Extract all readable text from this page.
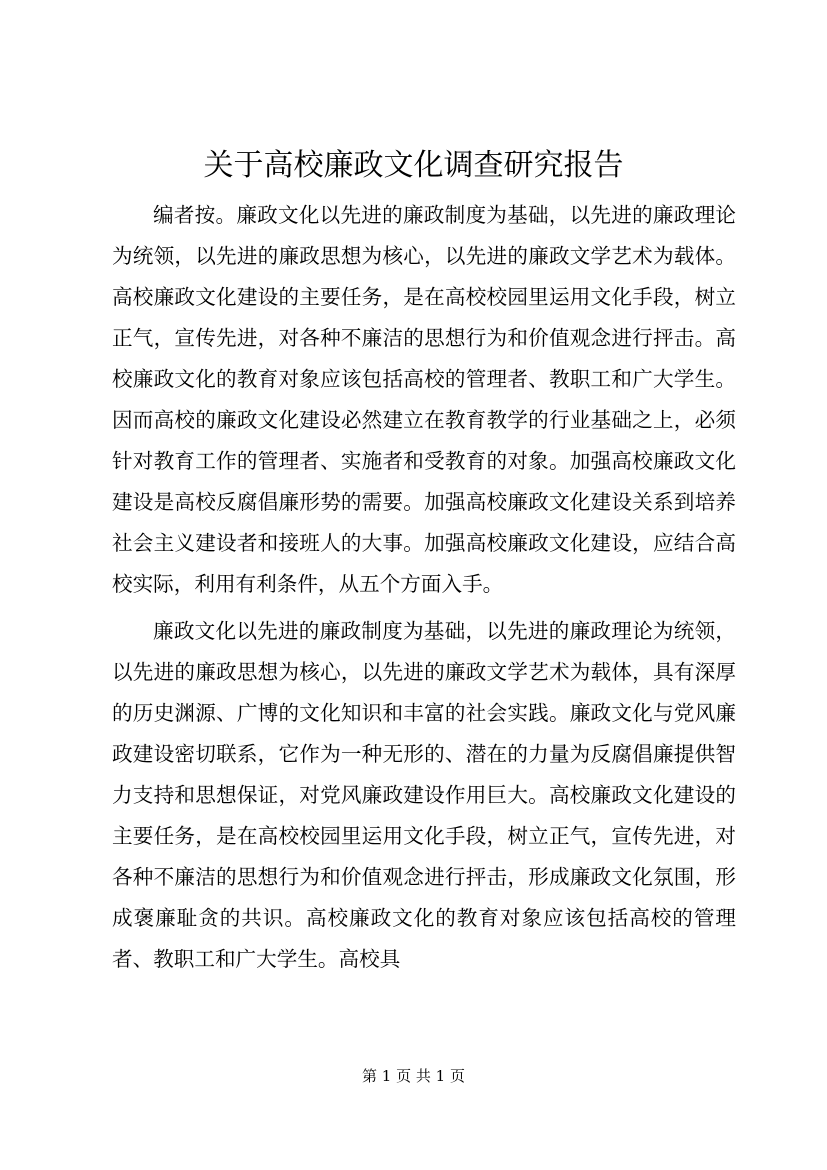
关于高校廉政文化调查研究报告

编者按。廉政文化以先进的廉政制度为基础，以先进的廉政理论为统领，以先进的廉政思想为核心，以先进的廉政文学艺术为载体。高校廉政文化建设的主要任务，是在高校校园里运用文化手段，树立正气，宣传先进，对各种不廉洁的思想行为和价值观念进行抨击。高校廉政文化的教育对象应该包括高校的管理者、教职工和广大学生。因而高校的廉政文化建设必然建立在教育教学的行业基础之上，必须针对教育工作的管理者、实施者和受教育的对象。加强高校廉政文化建设是高校反腐倡廉形势的需要。加强高校廉政文化建设关系到培养社会主义建设者和接班人的大事。加强高校廉政文化建设，应结合高校实际，利用有利条件，从五个方面入手。

廉政文化以先进的廉政制度为基础，以先进的廉政理论为统领，以先进的廉政思想为核心，以先进的廉政文学艺术为载体，具有深厚的历史渊源、广博的文化知识和丰富的社会实践。廉政文化与党风廉政建设密切联系，它作为一种无形的、潜在的力量为反腐倡廉提供智力支持和思想保证，对党风廉政建设作用巨大。高校廉政文化建设的主要任务，是在高校校园里运用文化手段，树立正气，宣传先进，对各种不廉洁的思想行为和价值观念进行抨击，形成廉政文化氛围，形成褒廉耻贪的共识。高校廉政文化的教育对象应该包括高校的管理者、教职工和广大学生。高校具

第 1 页 共 1 页
